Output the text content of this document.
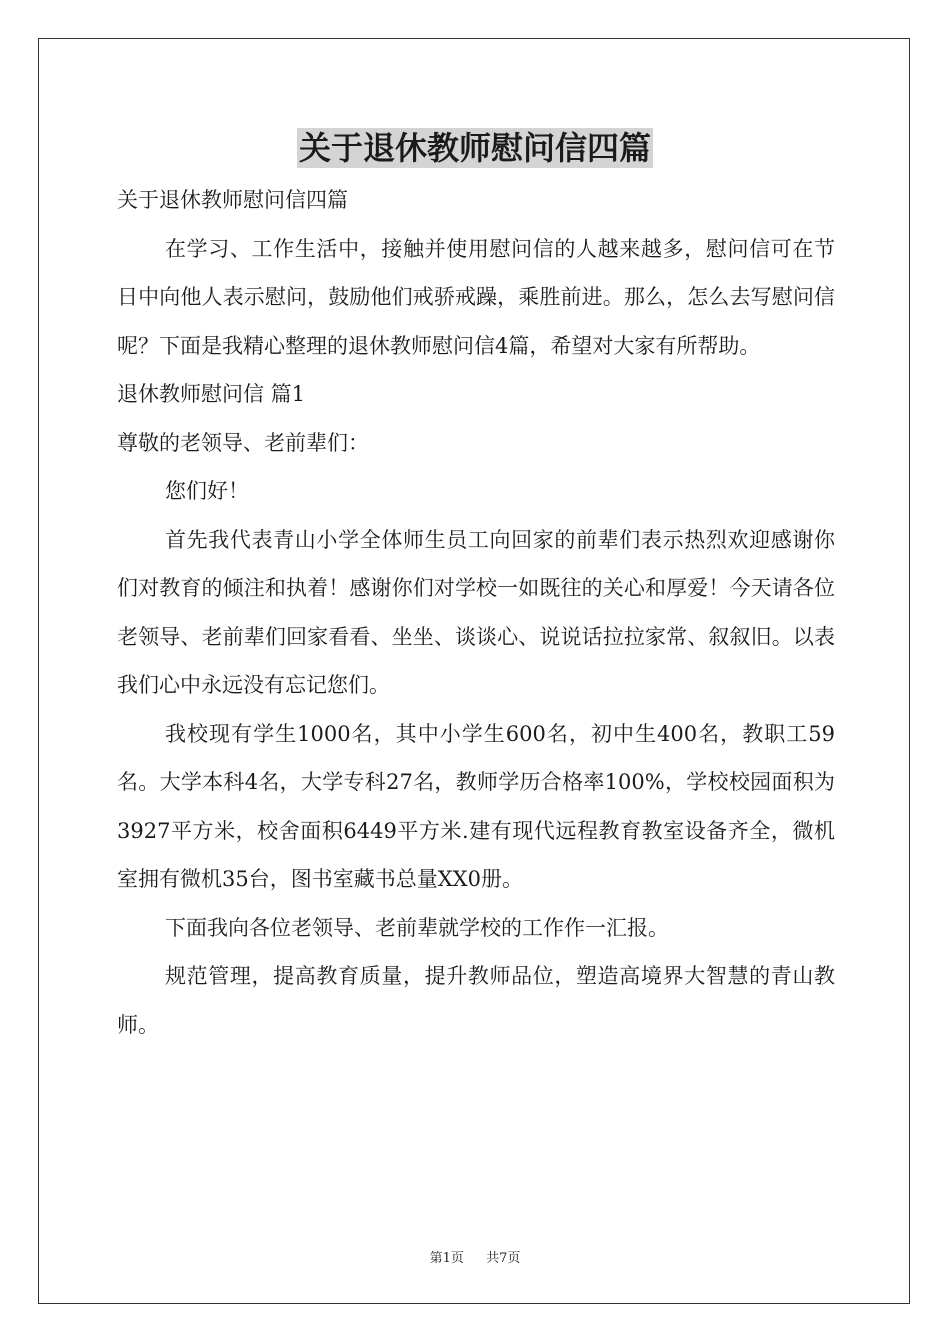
关于退休教师慰问信四篇

关于退休教师慰问信四篇

在学习、工作生活中，接触并使用慰问信的人越来越多，慰问信可在节日中向他人表示慰问，鼓励他们戒骄戒躁，乘胜前进。那么，怎么去写慰问信呢？下面是我精心整理的退休教师慰问信4篇，希望对大家有所帮助。

退休教师慰问信 篇1

尊敬的老领导、老前辈们：

您们好！

首先我代表青山小学全体师生员工向回家的前辈们表示热烈欢迎感谢你们对教育的倾注和执着！感谢你们对学校一如既往的关心和厚爱！今天请各位老领导、老前辈们回家看看、坐坐、谈谈心、说说话拉拉家常、叙叙旧。以表我们心中永远没有忘记您们。

我校现有学生1000名，其中小学生600名，初中生400名，教职工59名。大学本科4名，大学专科27名，教师学历合格率100%，学校校园面积为3927平方米，校舍面积6449平方米.建有现代远程教育教室设备齐全，微机室拥有微机35台，图书室藏书总量XX0册。

下面我向各位老领导、老前辈就学校的工作作一汇报。

规范管理，提高教育质量，提升教师品位，塑造高境界大智慧的青山教师。

第1页 共7页
